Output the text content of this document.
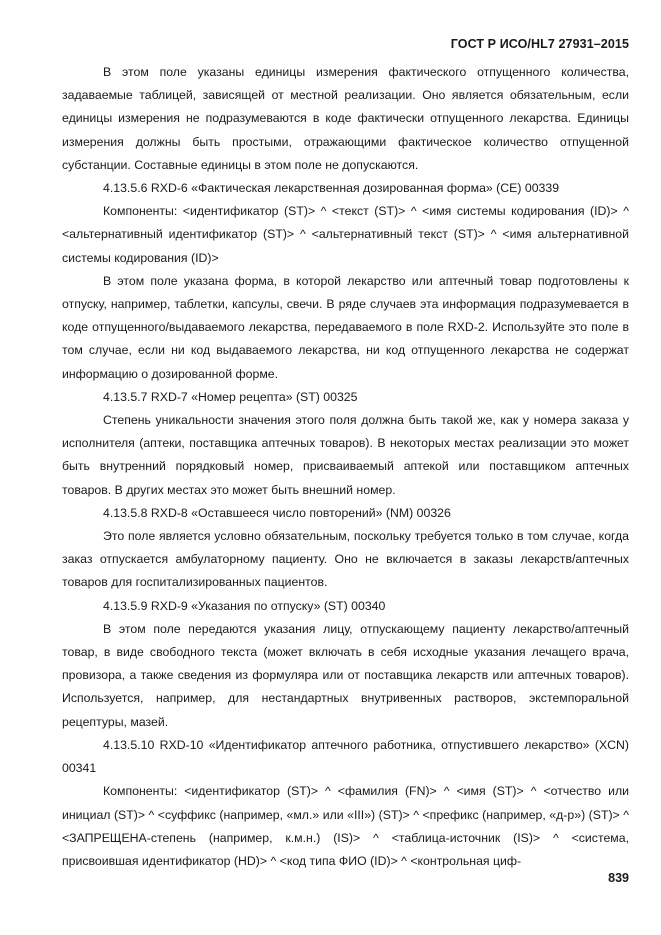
ГОСТ Р ИСО/HL7 27931–2015

В этом поле указаны единицы измерения фактического отпущенного количества, задаваемые таблицей, зависящей от местной реализации. Оно является обязательным, если единицы измерения не подразумеваются в коде фактически отпущенного лекарства. Единицы измерения должны быть простыми, отражающими фактическое количество отпущенной субстанции. Составные единицы в этом поле не допускаются.

4.13.5.6 RXD-6 «Фактическая лекарственная дозированная форма» (CE) 00339

Компоненты: <идентификатор (ST)> ^ <текст (ST)> ^ <имя системы кодирования (ID)> ^ <альтернативный идентификатор (ST)> ^ <альтернативный текст (ST)> ^ <имя альтернативной системы кодирования (ID)>

В этом поле указана форма, в которой лекарство или аптечный товар подготовлены к отпуску, например, таблетки, капсулы, свечи. В ряде случаев эта информация подразумевается в коде отпущенного/выдаваемого лекарства, передаваемого в поле RXD-2. Используйте это поле в том случае, если ни код выдаваемого лекарства, ни код отпущенного лекарства не содержат информацию о дозированной форме.

4.13.5.7 RXD-7 «Номер рецепта» (ST) 00325

Степень уникальности значения этого поля должна быть такой же, как у номера заказа у исполнителя (аптеки, поставщика аптечных товаров). В некоторых местах реализации это может быть внутренний порядковый номер, присваиваемый аптекой или поставщиком аптечных товаров. В других местах это может быть внешний номер.

4.13.5.8 RXD-8 «Оставшееся число повторений» (NM) 00326

Это поле является условно обязательным, поскольку требуется только в том случае, когда заказ отпускается амбулаторному пациенту. Оно не включается в заказы лекарств/аптечных товаров для госпитализированных пациентов.

4.13.5.9 RXD-9 «Указания по отпуску» (ST) 00340

В этом поле передаются указания лицу, отпускающему пациенту лекарство/аптечный товар, в виде свободного текста (может включать в себя исходные указания лечащего врача, провизора, а также сведения из формуляра или от поставщика лекарств или аптечных товаров). Используется, например, для нестандартных внутривенных растворов, экстемпоральной рецептуры, мазей.

4.13.5.10 RXD-10 «Идентификатор аптечного работника, отпустившего лекарство» (XCN) 00341

Компоненты: <идентификатор (ST)> ^ <фамилия (FN)> ^ <имя (ST)> ^ <отчество или инициал (ST)> ^ <суффикс (например, «мл.» или «III») (ST)> ^ <префикс (например, «д-р») (ST)> ^ <ЗАПРЕЩЕНА-степень (например, к.м.н.) (IS)> ^ <таблица-источник (IS)> ^ <система, присвоившая идентификатор (HD)> ^ <код типа ФИО (ID)> ^ <контрольная циф-

839
